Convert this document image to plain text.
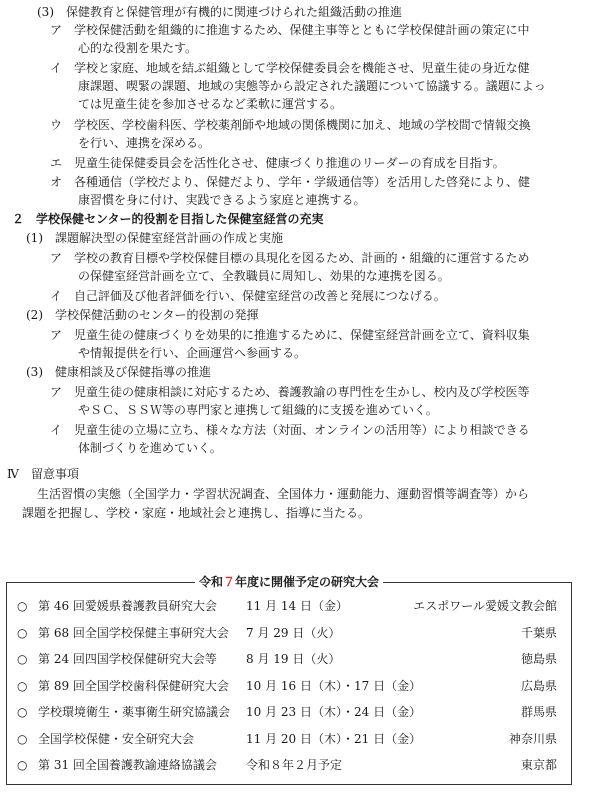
(3)　保健教育と保健管理が有機的に関連づけられた組織活動の推進
ア　学校保健活動を組織的に推進するため、保健主事等とともに学校保健計画の策定に中
心的な役割を果たす。
イ　学校と家庭、地域を結ぶ組織として学校保健委員会を機能させ、児童生徒の身近な健
康課題、喫緊の課題、地域の実態等から設定された議題について協議する。議題によっ
ては児童生徒を参加させるなど柔軟に運営する。
ウ　学校医、学校歯科医、学校薬剤師や地域の関係機関に加え、地域の学校間で情報交換
を行い、連携を深める。
エ　児童生徒保健委員会を活性化させ、健康づくり推進のリーダーの育成を目指す。
オ　各種通信（学校だより、保健だより、学年・学級通信等）を活用した啓発により、健
康習慣を身に付け、実践できるよう家庭と連携する。
２　学校保健センター的役割を目指した保健室経営の充実
(1)　課題解決型の保健室経営計画の作成と実施
ア　学校の教育目標や学校保健目標の具現化を図るため、計画的・組織的に運営するため
の保健室経営計画を立て、全教職員に周知し、効果的な連携を図る。
イ　自己評価及び他者評価を行い、保健室経営の改善と発展につなげる。
(2)　学校保健活動のセンター的役割の発揮
ア　児童生徒の健康づくりを効果的に推進するために、保健室経営計画を立て、資料収集
や情報提供を行い、企画運営へ参画する。
(3)　健康相談及び保健指導の推進
ア　児童生徒の健康相談に対応するため、養護教諭の専門性を生かし、校内及び学校医等
やＳＣ、ＳＳＷ等の専門家と連携して組織的に支援を進めていく。
イ　児童生徒の立場に立ち、様々な方法（対面、オンラインの活用等）により相談できる
体制づくりを進めていく。
Ⅳ　留意事項
生活習慣の実態（全国学力・学習状況調査、全国体力・運動能力、運動習慣等調査等）から
課題を把握し、学校・家庭・地域社会と連携し、指導に当たる。
令和７年度に開催予定の研究大会
○ 第 46 回愛媛県養護教員研究大会 11 月 14 日（金）	エスポワール愛媛文教会館
○ 第 68 回全国学校保健主事研究大会 7 月 29 日（火）	千葉県
○ 第 24 回四国学校保健研究大会等 8 月 19 日（火）	徳島県
○ 第 89 回全国学校歯科保健研究大会 10 月 16 日（木）・17 日（金）	広島県
○ 学校環境衛生・薬事衛生研究協議会 10 月 23 日（木）・24 日（金）	群馬県
○ 全国学校保健・安全研究大会	11 月 20 日（木）・21 日（金）	神奈川県
○ 第 31 回全国養護教諭連絡協議会 令和８年２月予定	東京都
